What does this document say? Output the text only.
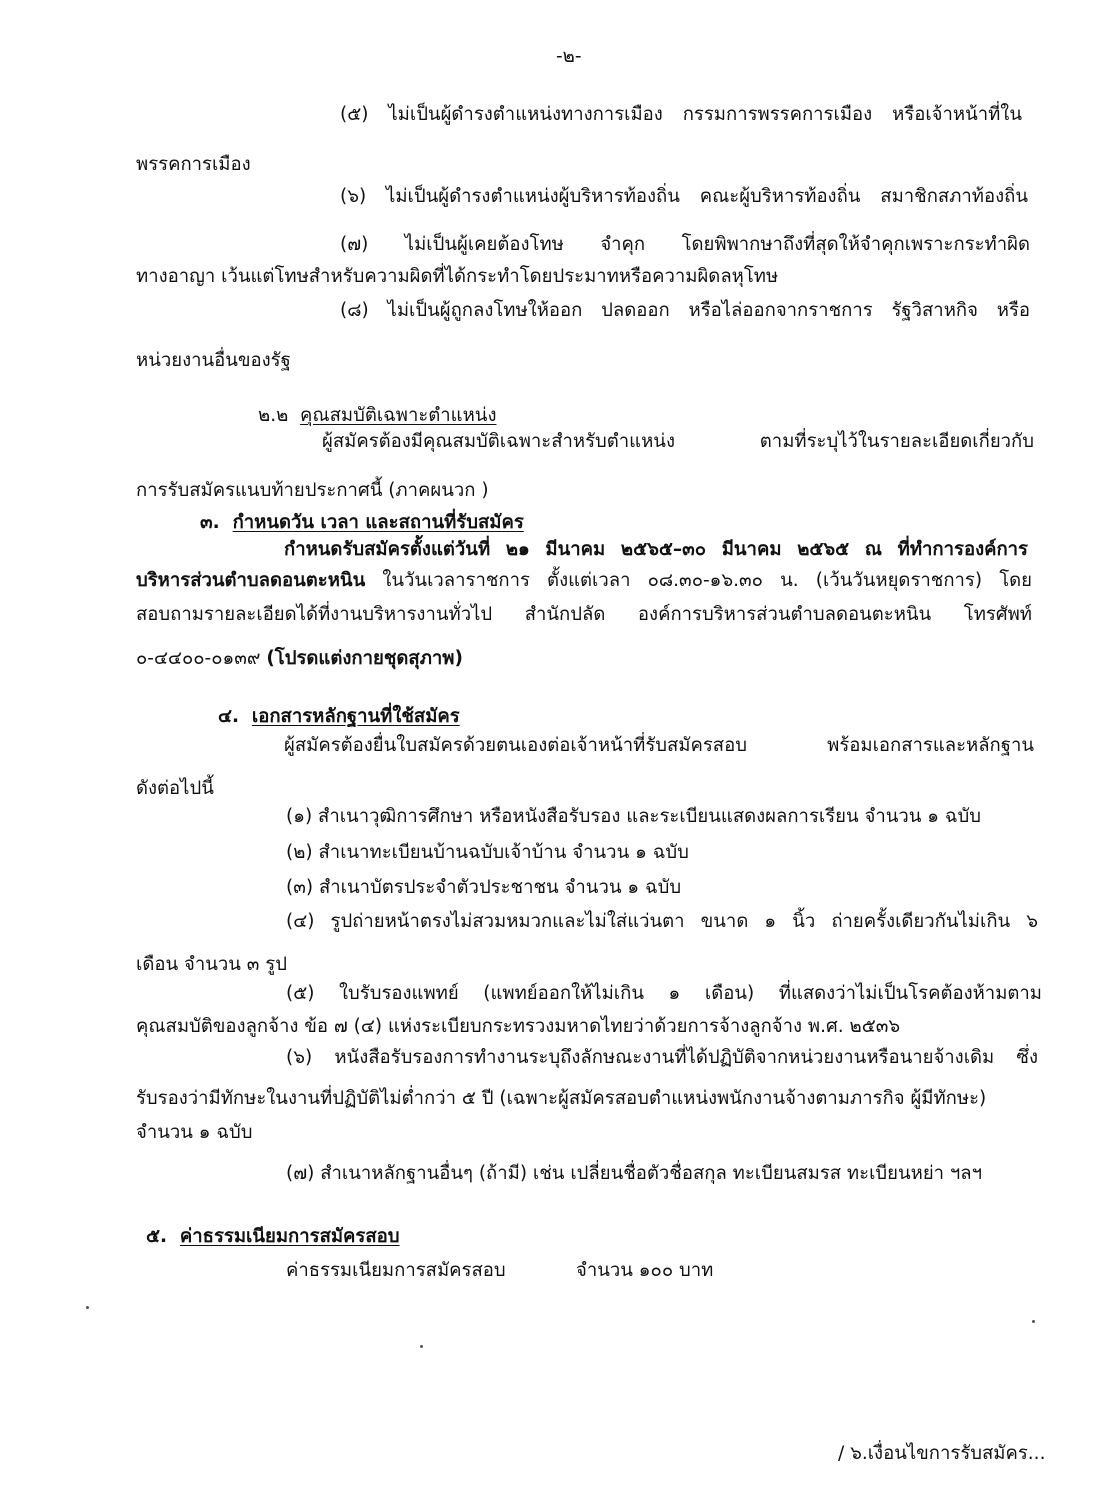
-๒-
(๕) ไม่เป็นผู้ดำรงตำแหน่งทางการเมือง กรรมการพรรคการเมือง หรือเจ้าหน้าที่ใน
พรรคการเมือง
(๖) ไม่เป็นผู้ดำรงตำแหน่งผู้บริหารท้องถิ่น คณะผู้บริหารท้องถิ่น สมาชิกสภาท้องถิ่น
(๗) ไม่เป็นผู้เคยต้องโทษ จำคุก โดยพิพากษาถึงที่สุดให้จำคุกเพราะกระทำผิด
ทางอาญา เว้นแต่โทษสำหรับความผิดที่ได้กระทำโดยประมาทหรือความผิดลหุโทษ
(๘) ไม่เป็นผู้ถูกลงโทษให้ออก ปลดออก หรือไล่ออกจากราชการ รัฐวิสาหกิจ หรือ
หน่วยงานอื่นของรัฐ
๒.๒ คุณสมบัติเฉพาะตำแหน่ง
ผู้สมัครต้องมีคุณสมบัติเฉพาะสำหรับตำแหน่ง ตามที่ระบุไว้ในรายละเอียดเกี่ยวกับ
การรับสมัครแนบท้ายประกาศนี้ (ภาคผนวก )
๓. กำหนดวัน เวลา และสถานที่รับสมัคร
กำหนดรับสมัครตั้งแต่วันที่ ๒๑ มีนาคม ๒๕๖๕–๓๐ มีนาคม ๒๕๖๕ ณ ที่ทำการองค์การ
บริหารส่วนตำบลดอนตะหนิน ในวันเวลาราชการ ตั้งแต่เวลา ๐๘.๓๐-๑๖.๓๐ น. (เว้นวันหยุดราชการ) โดย
สอบถามรายละเอียดได้ที่งานบริหารงานทั่วไป สำนักปลัด องค์การบริหารส่วนตำบลดอนตะหนิน โทรศัพท์
๐-๔๔๐๐-๐๑๓๙ (โปรดแต่งกายชุดสุภาพ)
๔. เอกสารหลักฐานที่ใช้สมัคร
ผู้สมัครต้องยื่นใบสมัครด้วยตนเองต่อเจ้าหน้าที่รับสมัครสอบ พร้อมเอกสารและหลักฐาน
ดังต่อไปนี้
(๑) สำเนาวุฒิการศึกษา หรือหนังสือรับรอง และระเบียนแสดงผลการเรียน จำนวน ๑ ฉบับ
(๒) สำเนาทะเบียนบ้านฉบับเจ้าบ้าน จำนวน ๑ ฉบับ
(๓) สำเนาบัตรประจำตัวประชาชน จำนวน ๑ ฉบับ
(๔) รูปถ่ายหน้าตรงไม่สวมหมวกและไม่ใส่แว่นตา ขนาด ๑ นิ้ว ถ่ายครั้งเดียวกันไม่เกิน ๖
เดือน จำนวน ๓ รูป
(๕) ใบรับรองแพทย์ (แพทย์ออกให้ไม่เกิน ๑ เดือน) ที่แสดงว่าไม่เป็นโรคต้องห้ามตาม
คุณสมบัติของลูกจ้าง ข้อ ๗ (๔) แห่งระเบียบกระทรวงมหาดไทยว่าด้วยการจ้างลูกจ้าง พ.ศ. ๒๕๓๖
(๖) หนังสือรับรองการทำงานระบุถึงลักษณะงานที่ได้ปฏิบัติจากหน่วยงานหรือนายจ้างเดิม ซึ่ง
รับรองว่ามีทักษะในงานที่ปฏิบัติไม่ต่ำกว่า ๕ ปี (เฉพาะผู้สมัครสอบตำแหน่งพนักงานจ้างตามภารกิจ ผู้มีทักษะ)
จำนวน ๑ ฉบับ
(๗) สำเนาหลักฐานอื่นๆ (ถ้ามี) เช่น เปลี่ยนชื่อตัวชื่อสกุล ทะเบียนสมรส ทะเบียนหย่า ฯลฯ
๕. ค่าธรรมเนียมการสมัครสอบ
ค่าธรรมเนียมการสมัครสอบ	จำนวน ๑๐๐ บาท
/ ๖.เงื่อนไขการรับสมัคร...
